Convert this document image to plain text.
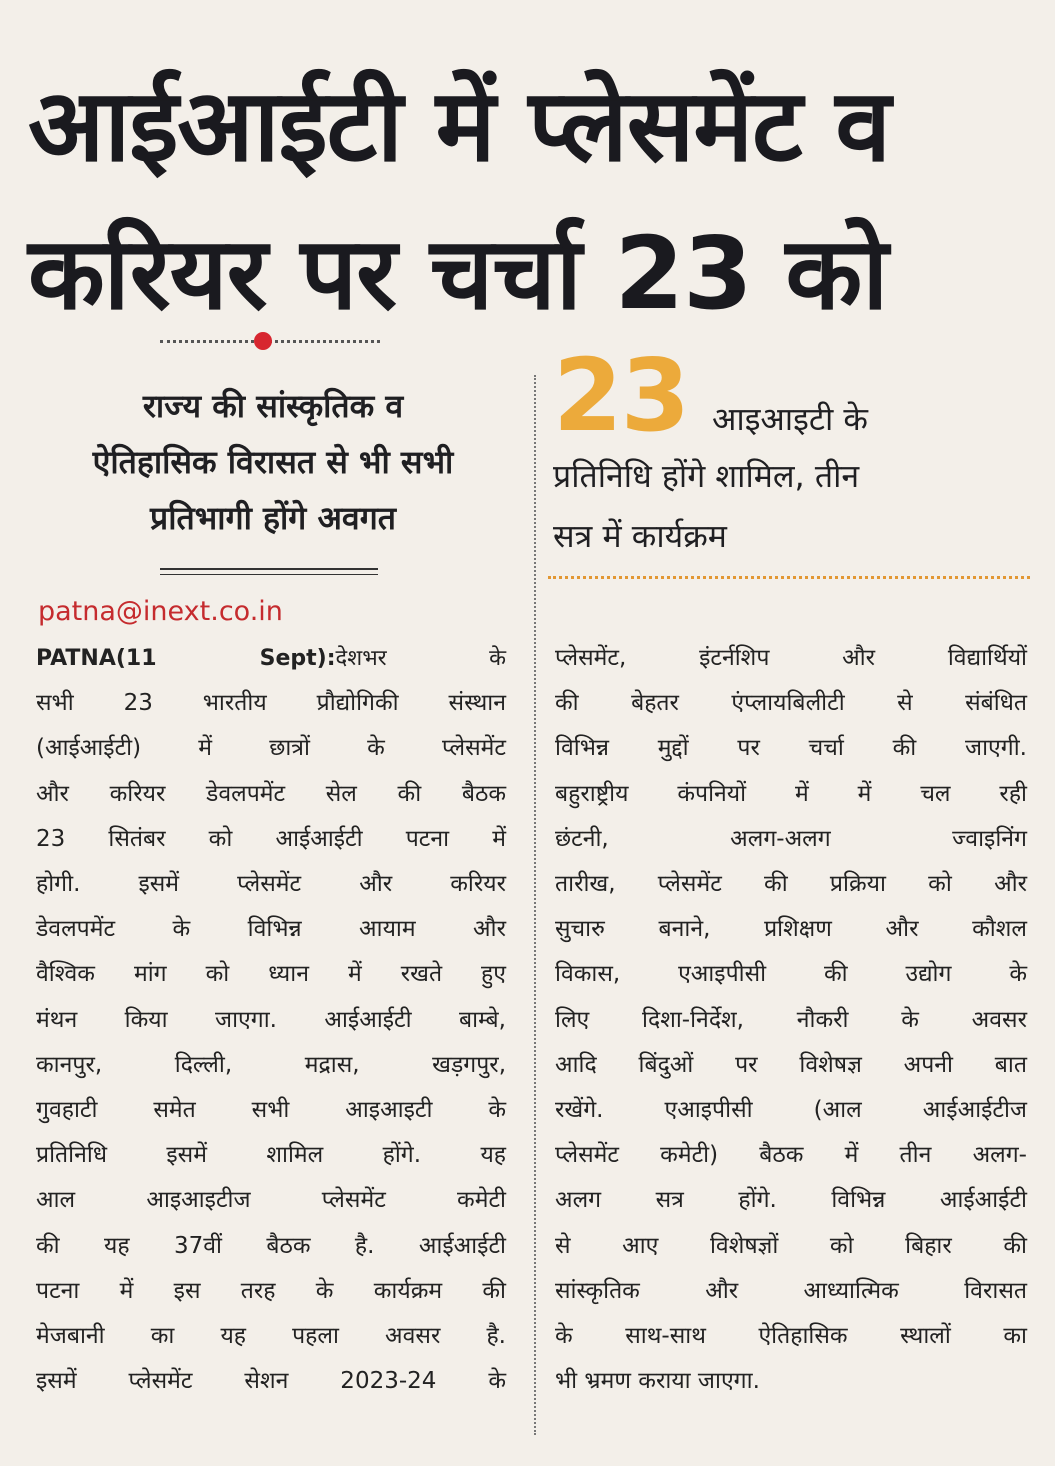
आईआईटी में प्लेसमेंट व
करियर पर चर्चा 23 को
राज्य की सांस्कृतिक व
ऐतिहासिक विरासत से भी सभी
प्रतिभागी होंगे अवगत
23 आइआइटी के
प्रतिनिधि होंगे शामिल, तीन
सत्र में कार्यक्रम
patna@inext.co.in
PATNA(11 Sept):देशभर के
सभी 23 भारतीय प्रौद्योगिकी संस्थान
(आईआईटी) में छात्रों के प्लेसमेंट
और करियर डेवलपमेंट सेल की बैठक
23 सितंबर को आईआईटी पटना में
होगी. इसमें प्लेसमेंट और करियर
डेवलपमेंट के विभिन्न आयाम और
वैश्विक मांग को ध्यान में रखते हुए
मंथन किया जाएगा. आईआईटी बाम्बे,
कानपुर, दिल्ली, मद्रास, खड़गपुर,
गुवहाटी समेत सभी आइआइटी के
प्रतिनिधि इसमें शामिल होंगे. यह
आल आइआइटीज प्लेसमेंट कमेटी
की यह 37वीं बैठक है. आईआईटी
पटना में इस तरह के कार्यक्रम की
मेजबानी का यह पहला अवसर है.
इसमें प्लेसमेंट सेशन 2023-24 के
प्लेसमेंट, इंटर्नशिप और विद्यार्थियों
की बेहतर एंप्लायबिलीटी से संबंधित
विभिन्न मुद्दों पर चर्चा की जाएगी.
बहुराष्ट्रीय कंपनियों में में चल रही
छंटनी, अलग-अलग ज्वाइनिंग
तारीख, प्लेसमेंट की प्रक्रिया को और
सुचारु बनाने, प्रशिक्षण और कौशल
विकास, एआइपीसी की उद्योग के
लिए दिशा-निर्देश, नौकरी के अवसर
आदि बिंदुओं पर विशेषज्ञ अपनी बात
रखेंगे. एआइपीसी (आल आईआईटीज
प्लेसमेंट कमेटी) बैठक में तीन अलग-
अलग सत्र होंगे. विभिन्न आईआईटी
से आए विशेषज्ञों को बिहार की
सांस्कृतिक और आध्यात्मिक विरासत
के साथ-साथ ऐतिहासिक स्थालों का
भी भ्रमण कराया जाएगा.
